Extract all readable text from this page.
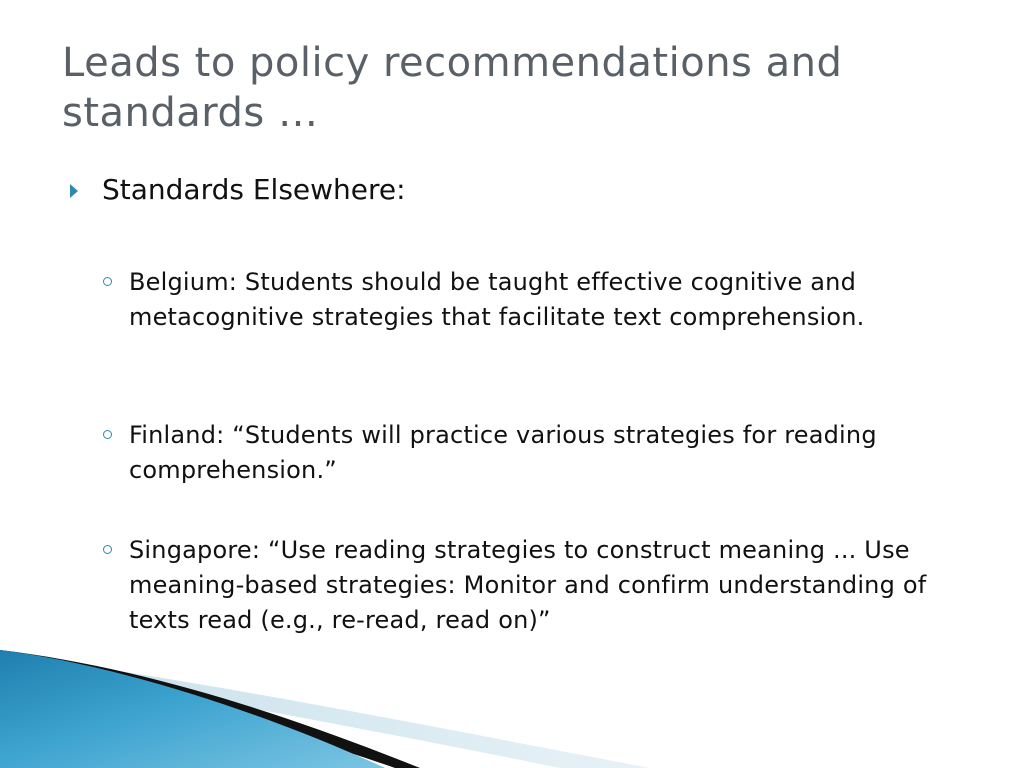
Leads to policy recommendations and standards …
Standards Elsewhere:
Belgium: Students should be taught effective cognitive and metacognitive strategies that facilitate text comprehension.
Finland: “Students will practice various strategies for reading comprehension.”
Singapore: “Use reading strategies to construct meaning ... Use meaning-based strategies: Monitor and confirm understanding of texts read (e.g., re-read, read on)”
